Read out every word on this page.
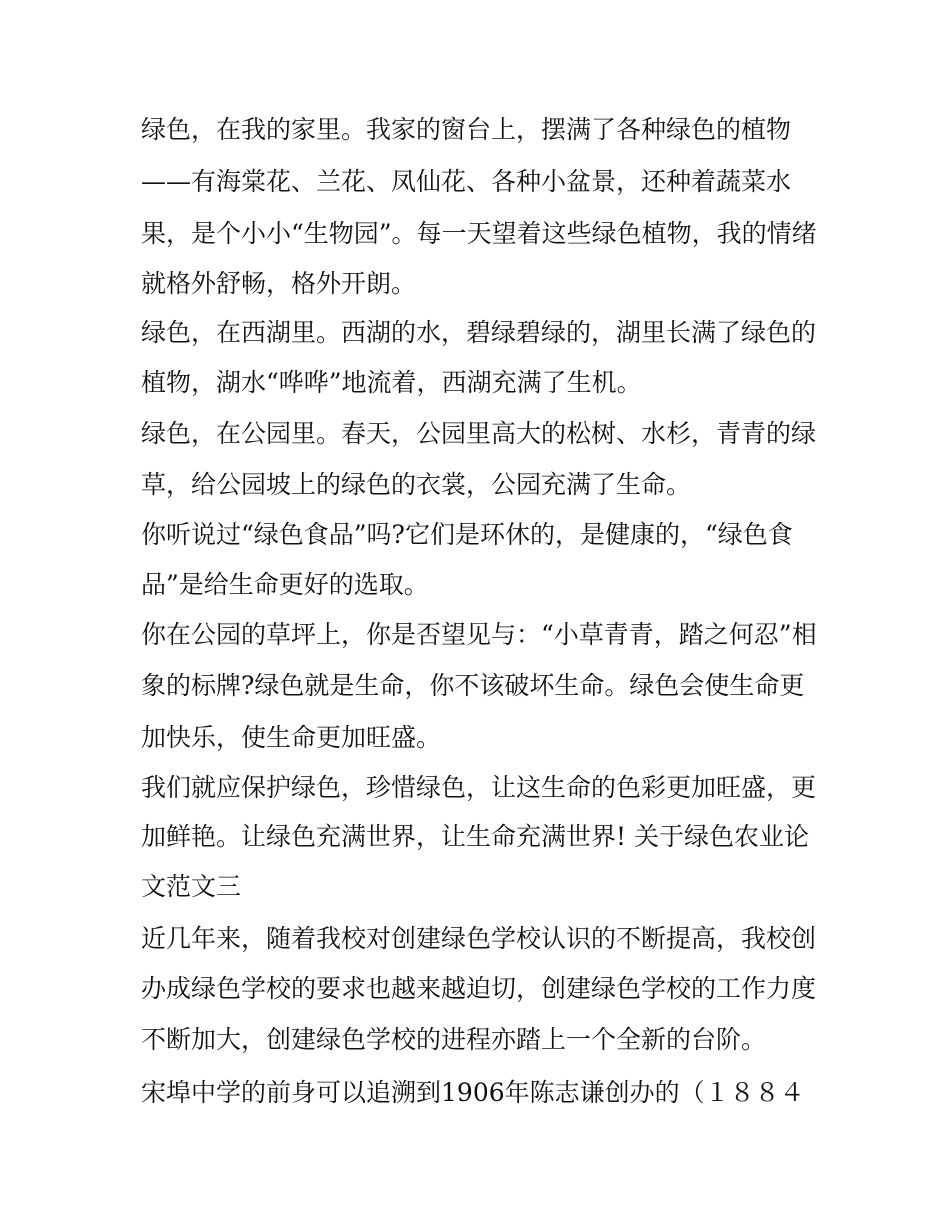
绿色，在我的家里。我家的窗台上，摆满了各种绿色的植物
——有海棠花、兰花、凤仙花、各种小盆景，还种着蔬菜水
果，是个小小“生物园”。每一天望着这些绿色植物，我的情绪
就格外舒畅，格外开朗。
绿色，在西湖里。西湖的水，碧绿碧绿的，湖里长满了绿色的
植物，湖水“哗哗”地流着，西湖充满了生机。
绿色，在公园里。春天，公园里高大的松树、水杉，青青的绿
草，给公园坡上的绿色的衣裳，公园充满了生命。
你听说过“绿色食品”吗?它们是环休的，是健康的，“绿色食
品”是给生命更好的选取。
你在公园的草坪上，你是否望见与：“小草青青，踏之何忍”相
象的标牌?绿色就是生命，你不该破坏生命。绿色会使生命更
加快乐，使生命更加旺盛。
我们就应保护绿色，珍惜绿色，让这生命的色彩更加旺盛，更
加鲜艳。让绿色充满世界，让生命充满世界! 关于绿色农业论
文范文三
近几年来，随着我校对创建绿色学校认识的不断提高，我校创
办成绿色学校的要求也越来越迫切，创建绿色学校的工作力度
不断加大，创建绿色学校的进程亦踏上一个全新的台阶。
宋埠中学的前身可以追溯到1906年陈志谦创办的（１８８４
